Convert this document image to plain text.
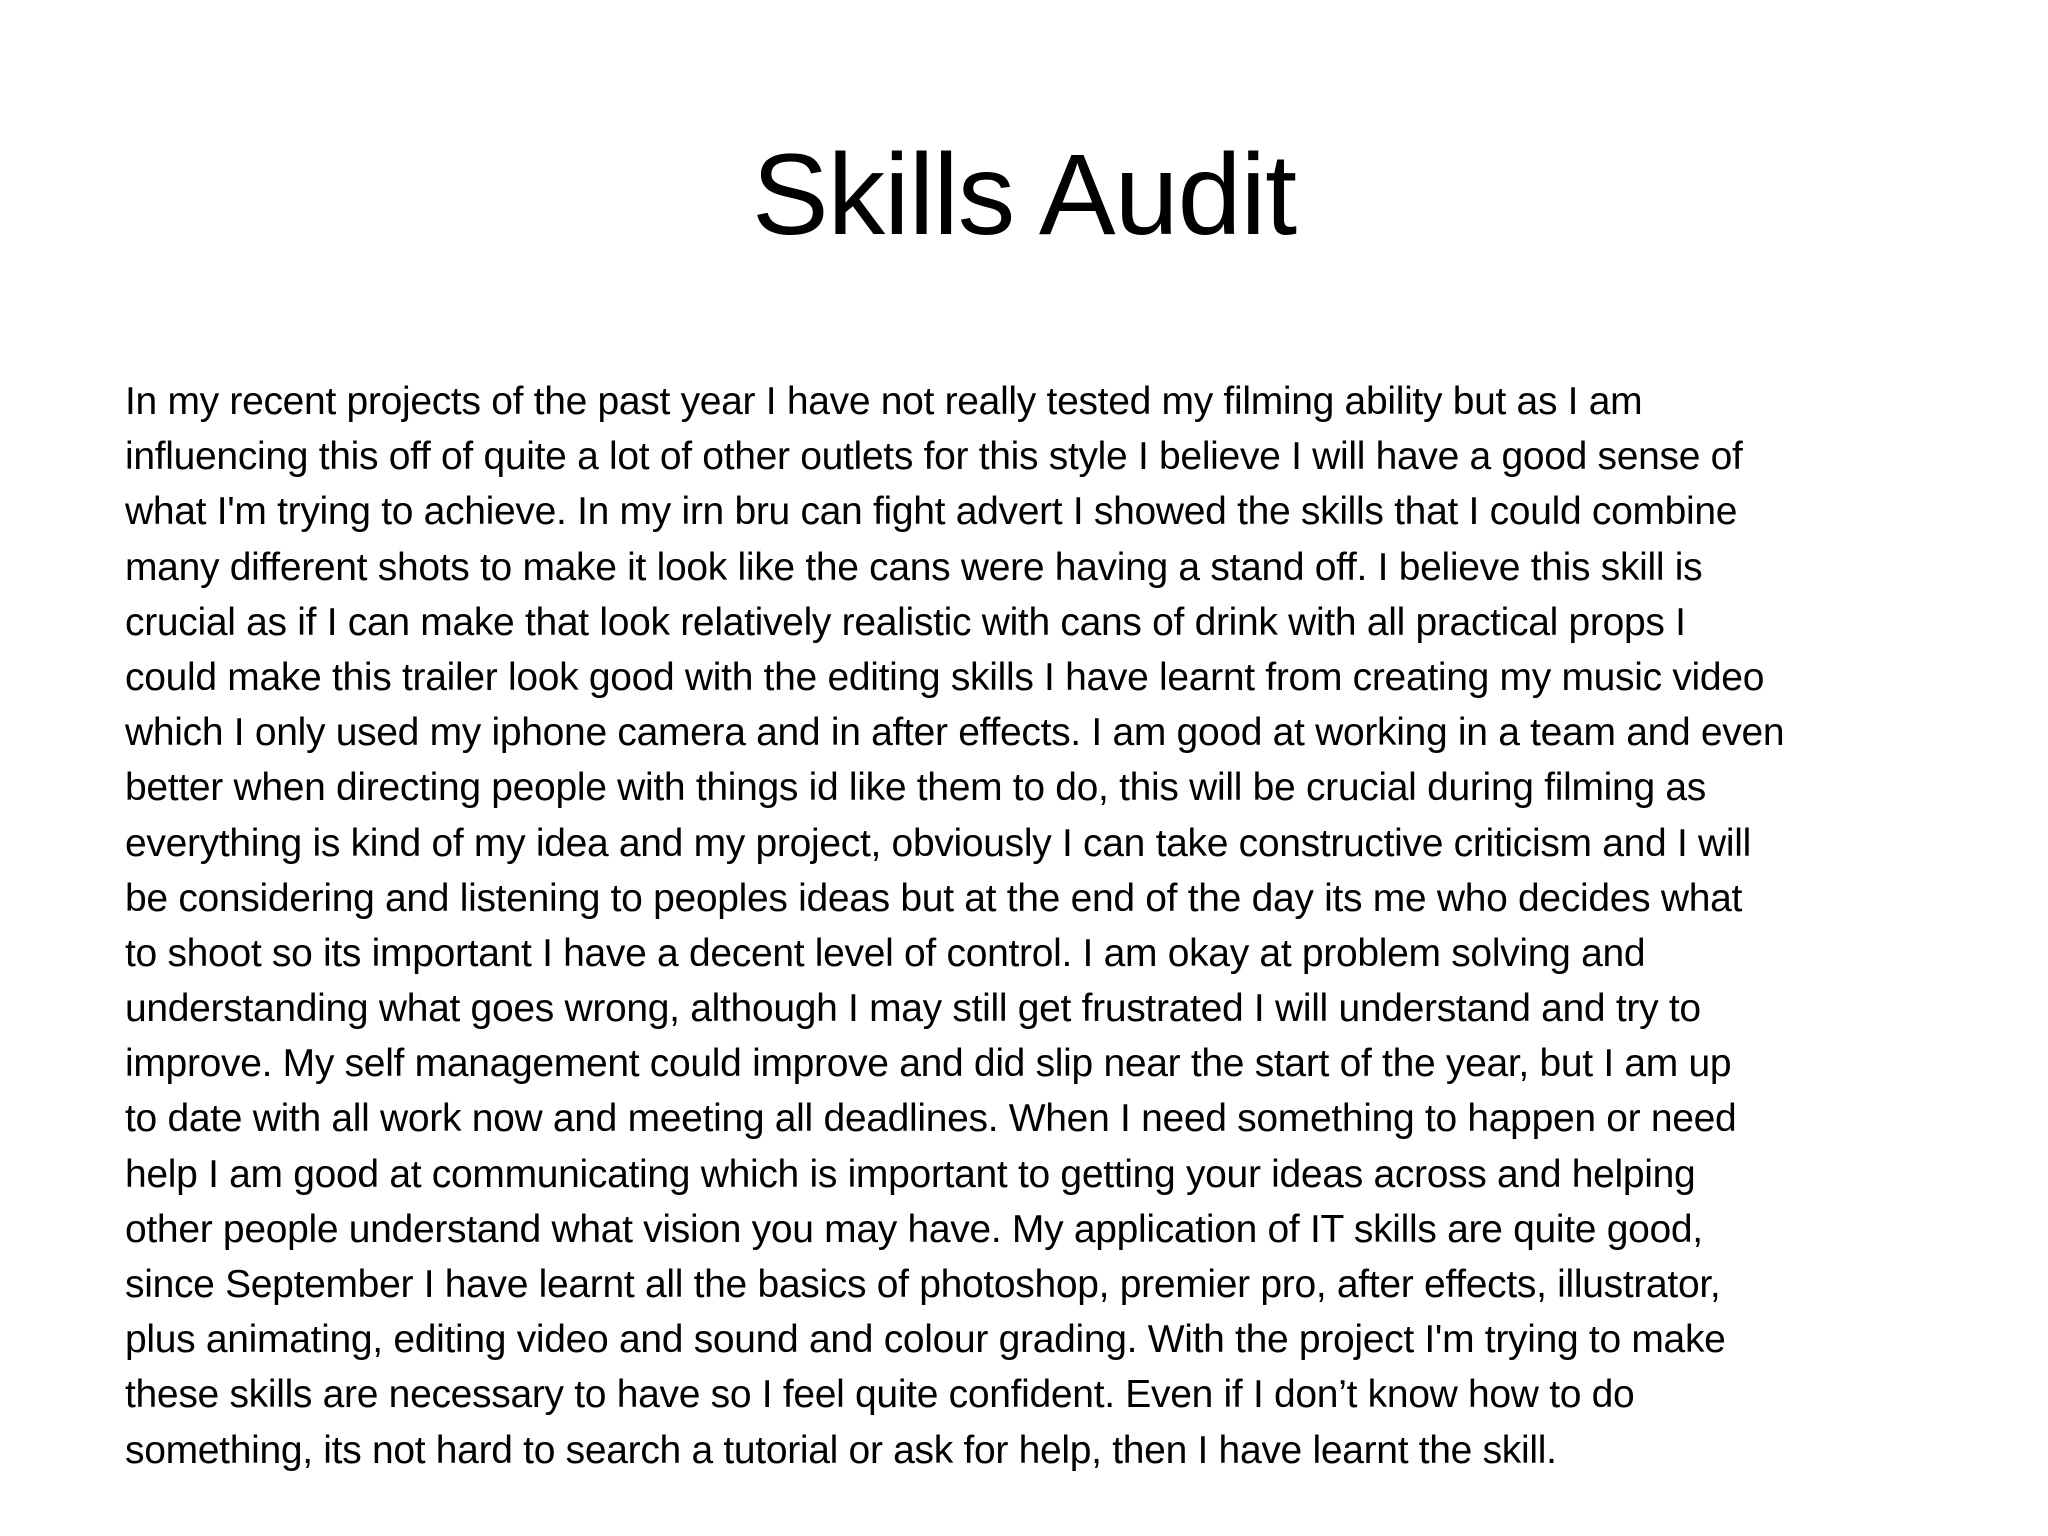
Skills Audit
In my recent projects of the past year I have not really tested my filming ability but as I am
influencing this off of quite a lot of other outlets for this style I believe I will have a good sense of
what I'm trying to achieve. In my irn bru can fight advert I showed the skills that I could combine
many different shots to make it look like the cans were having a stand off. I believe this skill is
crucial as if I can make that look relatively realistic with cans of drink with all practical props I
could make this trailer look good with the editing skills I have learnt from creating my music video
which I only used my iphone camera and in after effects. I am good at working in a team and even
better when directing people with things id like them to do, this will be crucial during filming as
everything is kind of my idea and my project, obviously I can take constructive criticism and I will
be considering and listening to peoples ideas but at the end of the day its me who decides what
to shoot so its important I have a decent level of control. I am okay at problem solving and
understanding what goes wrong, although I may still get frustrated I will understand and try to
improve. My self management could improve and did slip near the start of the year, but I am up
to date with all work now and meeting all deadlines. When I need something to happen or need
help I am good at communicating which is important to getting your ideas across and helping
other people understand what vision you may have. My application of IT skills are quite good,
since September I have learnt all the basics of photoshop, premier pro, after effects, illustrator,
plus animating, editing video and sound and colour grading. With the project I'm trying to make
these skills are necessary to have so I feel quite confident. Even if I don’t know how to do
something, its not hard to search a tutorial or ask for help, then I have learnt the skill.
